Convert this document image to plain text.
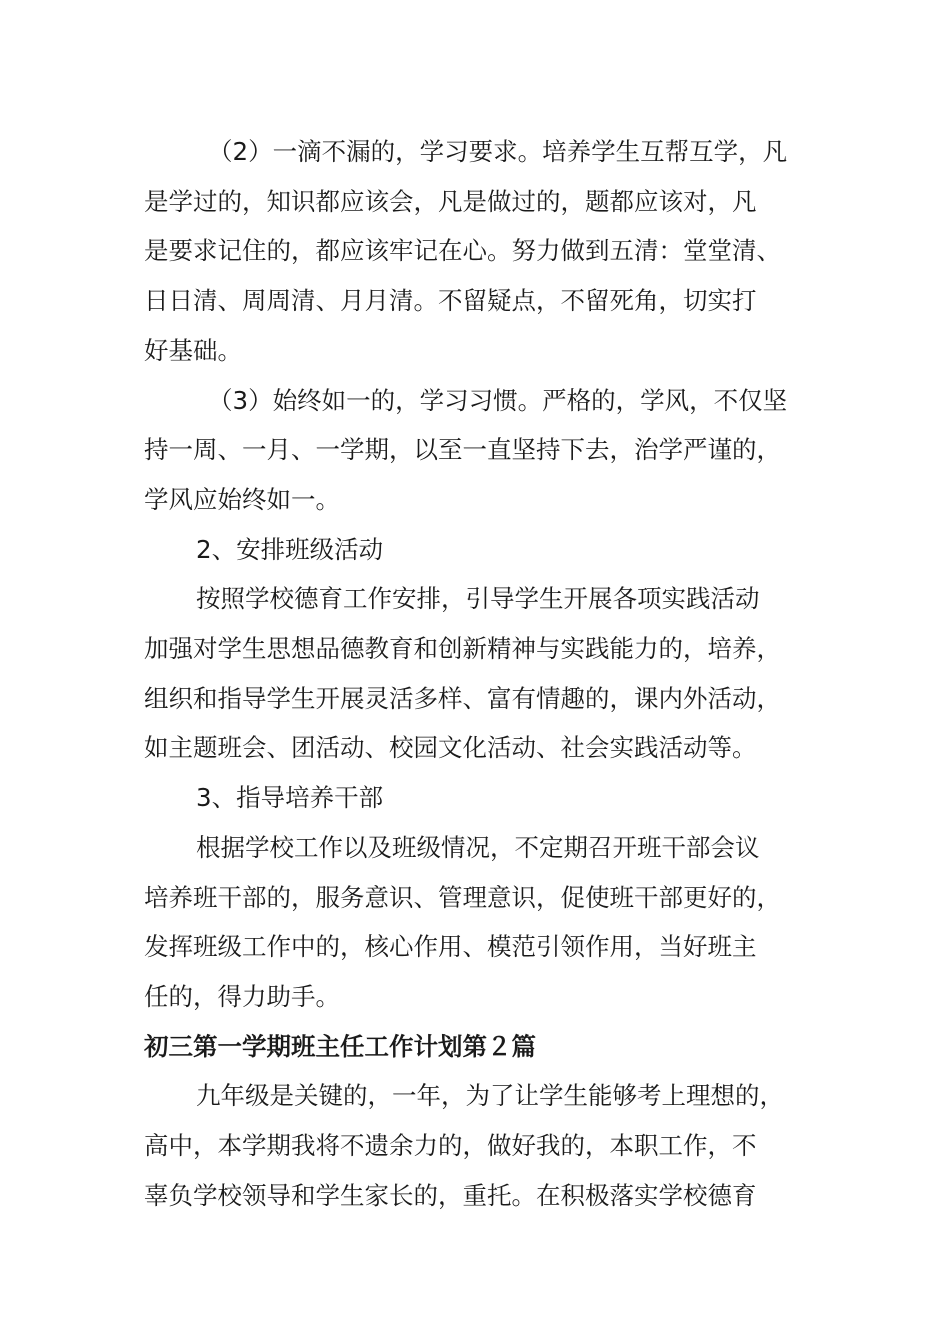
（2）一滴不漏的，学习要求。培养学生互帮互学，凡

是学过的，知识都应该会，凡是做过的，题都应该对，凡

是要求记住的，都应该牢记在心。努力做到五清：堂堂清、

日日清、周周清、月月清。不留疑点，不留死角，切实打

好基础。

（3）始终如一的，学习习惯。严格的，学风，不仅坚

持一周、一月、一学期，以至一直坚持下去，治学严谨的，

学风应始终如一。

2、安排班级活动

按照学校德育工作安排，引导学生开展各项实践活动

加强对学生思想品德教育和创新精神与实践能力的，培养，

组织和指导学生开展灵活多样、富有情趣的，课内外活动，

如主题班会、团活动、校园文化活动、社会实践活动等。

3、指导培养干部

根据学校工作以及班级情况，不定期召开班干部会议

培养班干部的，服务意识、管理意识，促使班干部更好的，

发挥班级工作中的，核心作用、模范引领作用，当好班主

任的，得力助手。

初三第一学期班主任工作计划第２篇

九年级是关键的，一年，为了让学生能够考上理想的，

高中，本学期我将不遗余力的，做好我的，本职工作，不

辜负学校领导和学生家长的，重托。在积极落实学校德育
